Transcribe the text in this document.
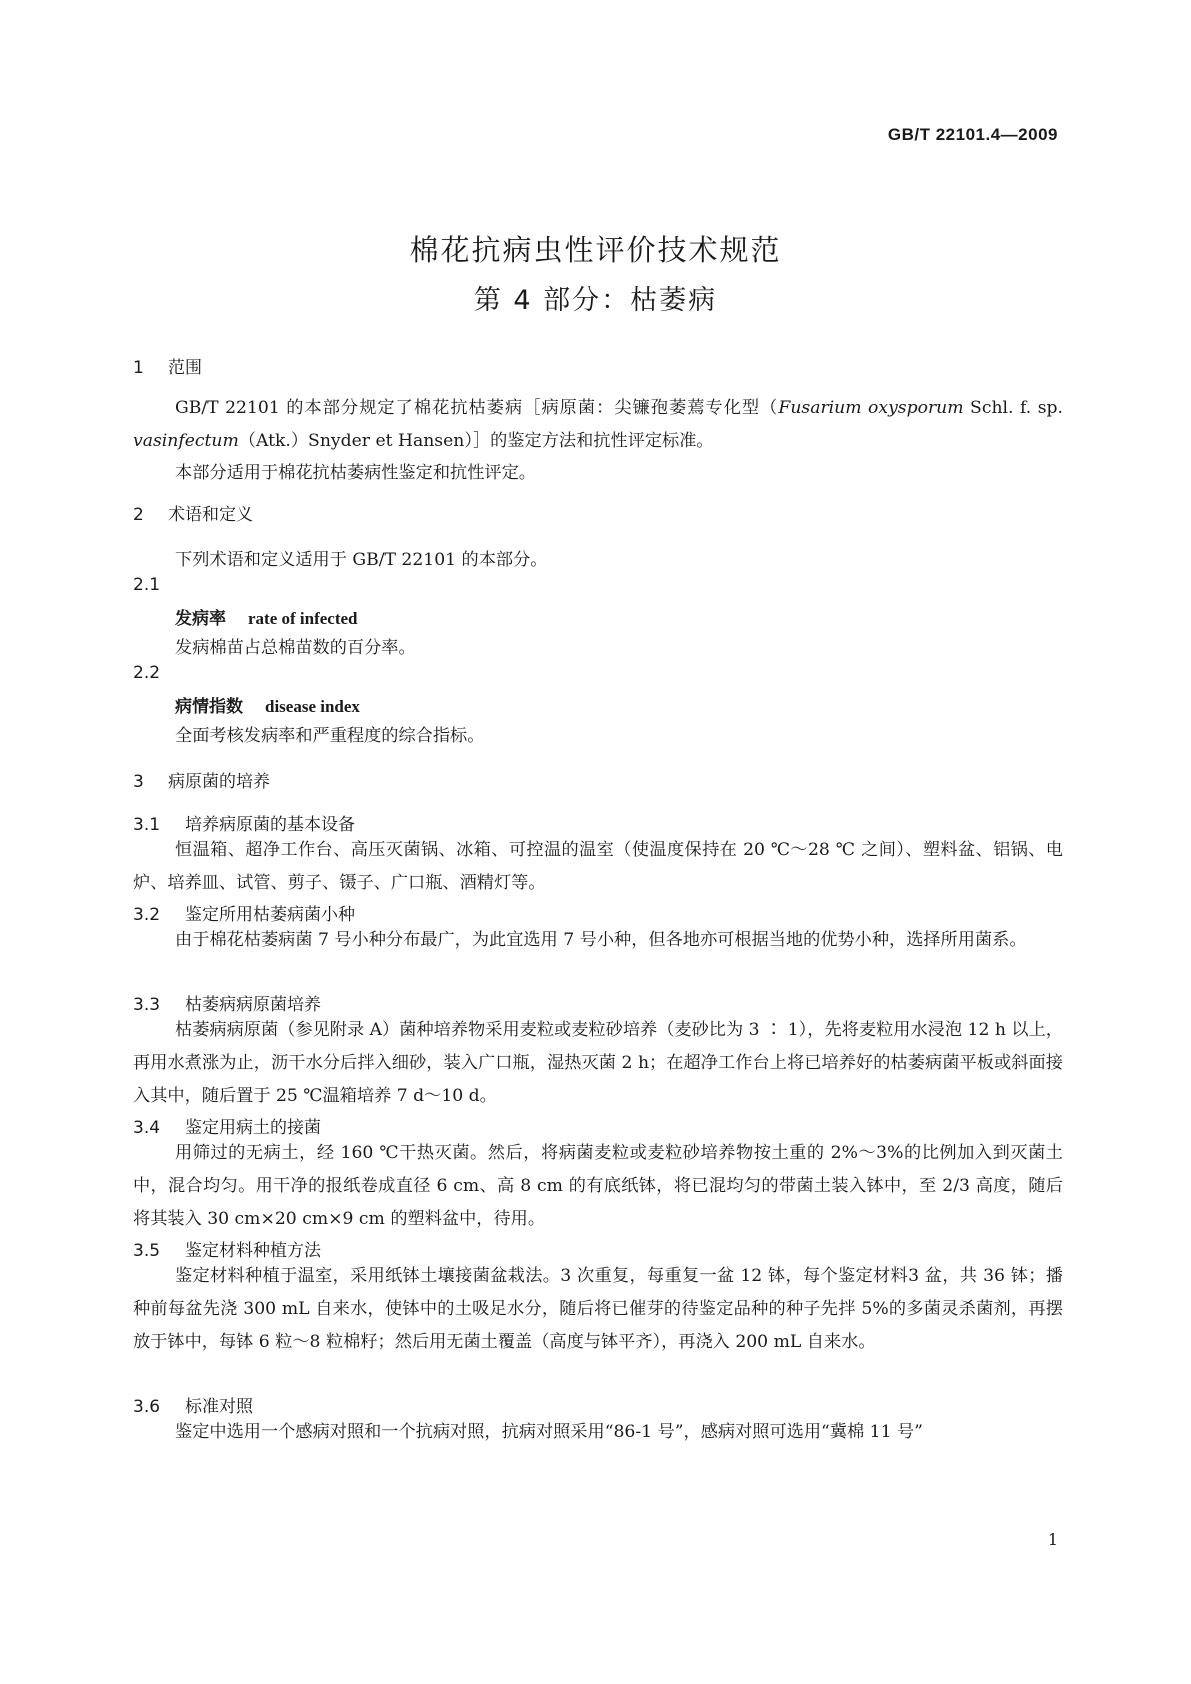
GB/T 22101.4—2009
棉花抗病虫性评价技术规范
第 4 部分：枯萎病
1 范围
GB/T 22101 的本部分规定了棉花抗枯萎病［病原菌：尖镰孢萎蔫专化型（Fusarium oxysporum Schl. f. sp. vasinfectum（Atk.）Snyder et Hansen）］的鉴定方法和抗性评定标准。
本部分适用于棉花抗枯萎病性鉴定和抗性评定。
2 术语和定义
下列术语和定义适用于 GB/T 22101 的本部分。
2.1
发病率 rate of infected
发病棉苗占总棉苗数的百分率。
2.2
病情指数 disease index
全面考核发病率和严重程度的综合指标。
3 病原菌的培养
3.1 培养病原菌的基本设备
恒温箱、超净工作台、高压灭菌锅、冰箱、可控温的温室（使温度保持在 20 ℃～28 ℃ 之间）、塑料盆、铝锅、电炉、培养皿、试管、剪子、镊子、广口瓶、酒精灯等。
3.2 鉴定所用枯萎病菌小种
由于棉花枯萎病菌 7 号小种分布最广，为此宜选用 7 号小种，但各地亦可根据当地的优势小种，选择所用菌系。
3.3 枯萎病病原菌培养
枯萎病病原菌（参见附录 A）菌种培养物采用麦粒或麦粒砂培养（麦砂比为 3 ∶ 1），先将麦粒用水浸泡 12 h 以上，再用水煮涨为止，沥干水分后拌入细砂，装入广口瓶，湿热灭菌 2 h；在超净工作台上将已培养好的枯萎病菌平板或斜面接入其中，随后置于 25 ℃温箱培养 7 d～10 d。
3.4 鉴定用病土的接菌
用筛过的无病土，经 160 ℃干热灭菌。然后，将病菌麦粒或麦粒砂培养物按土重的 2%～3%的比例加入到灭菌土中，混合均匀。用干净的报纸卷成直径 6 cm、高 8 cm 的有底纸钵，将已混均匀的带菌土装入钵中，至 2/3 高度，随后将其装入 30 cm×20 cm×9 cm 的塑料盆中，待用。
3.5 鉴定材料种植方法
鉴定材料种植于温室，采用纸钵土壤接菌盆栽法。3 次重复，每重复一盆 12 钵，每个鉴定材料3 盆，共 36 钵；播种前每盆先浇 300 mL 自来水，使钵中的土吸足水分，随后将已催芽的待鉴定品种的种子先拌 5%的多菌灵杀菌剂，再摆放于钵中，每钵 6 粒～8 粒棉籽；然后用无菌土覆盖（高度与钵平齐），再浇入 200 mL 自来水。
3.6 标准对照
鉴定中选用一个感病对照和一个抗病对照，抗病对照采用“86-1 号”，感病对照可选用“冀棉 11 号”
1
